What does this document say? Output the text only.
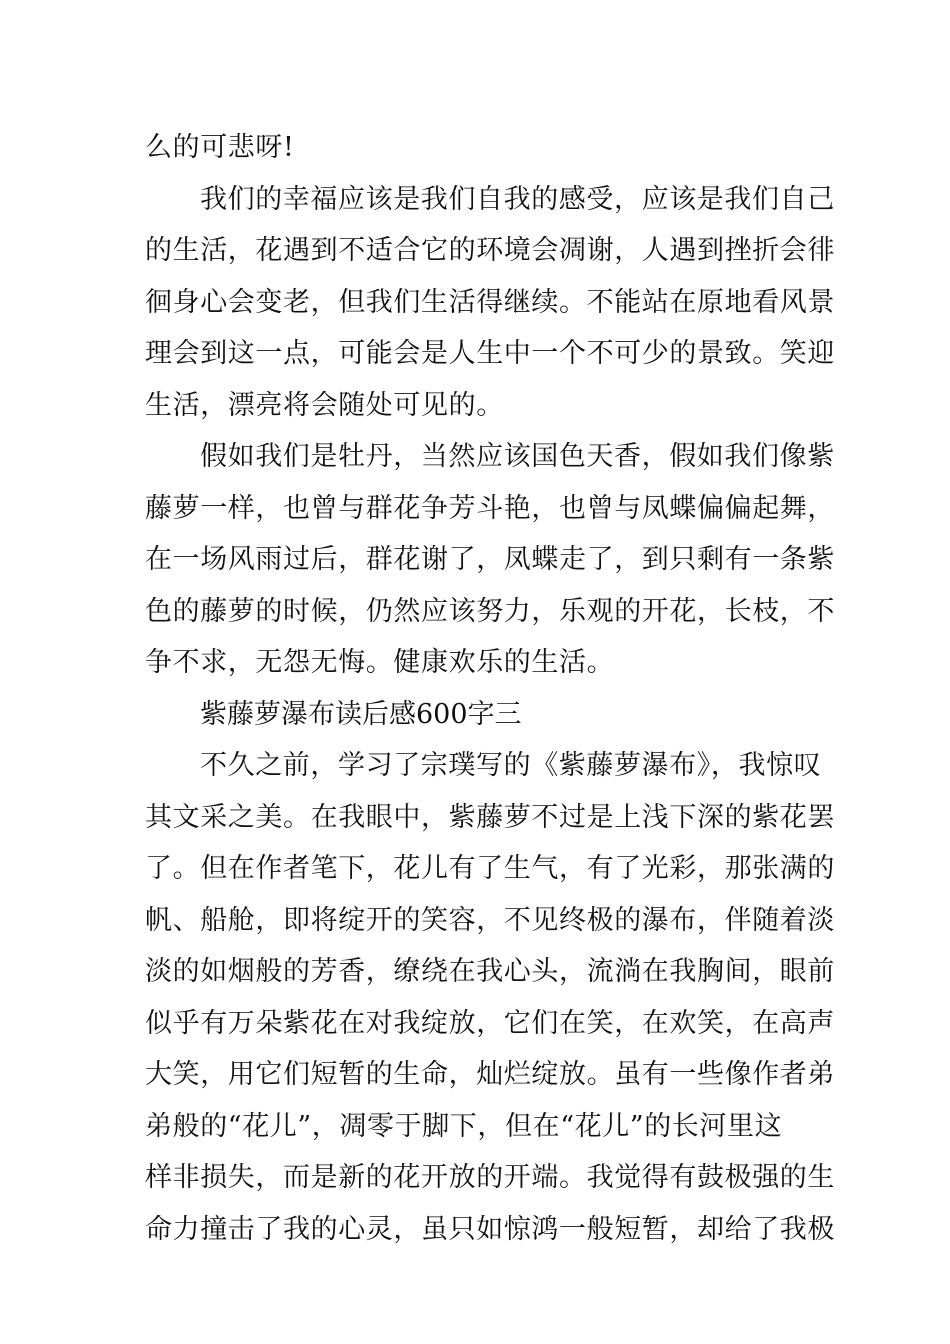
么的可悲呀!
我们的幸福应该是我们自我的感受，应该是我们自己
的生活，花遇到不适合它的环境会凋谢，人遇到挫折会徘
徊身心会变老，但我们生活得继续。不能站在原地看风景
理会到这一点，可能会是人生中一个不可少的景致。笑迎
生活，漂亮将会随处可见的。
假如我们是牡丹，当然应该国色天香，假如我们像紫
藤萝一样，也曾与群花争芳斗艳，也曾与凤蝶偏偏起舞，
在一场风雨过后，群花谢了，凤蝶走了，到只剩有一条紫
色的藤萝的时候，仍然应该努力，乐观的开花，长枝，不
争不求，无怨无悔。健康欢乐的生活。
紫藤萝瀑布读后感600字三
不久之前，学习了宗璞写的《紫藤萝瀑布》，我惊叹
其文采之美。在我眼中，紫藤萝不过是上浅下深的紫花罢
了。但在作者笔下，花儿有了生气，有了光彩，那张满的
帆、船舱，即将绽开的笑容，不见终极的瀑布，伴随着淡
淡的如烟般的芳香，缭绕在我心头，流淌在我胸间，眼前
似乎有万朵紫花在对我绽放，它们在笑，在欢笑，在高声
大笑，用它们短暂的生命，灿烂绽放。虽有一些像作者弟
弟般的“花儿”，凋零于脚下，但在“花儿”的长河里这
样非损失，而是新的花开放的开端。我觉得有鼓极强的生
命力撞击了我的心灵，虽只如惊鸿一般短暂，却给了我极
